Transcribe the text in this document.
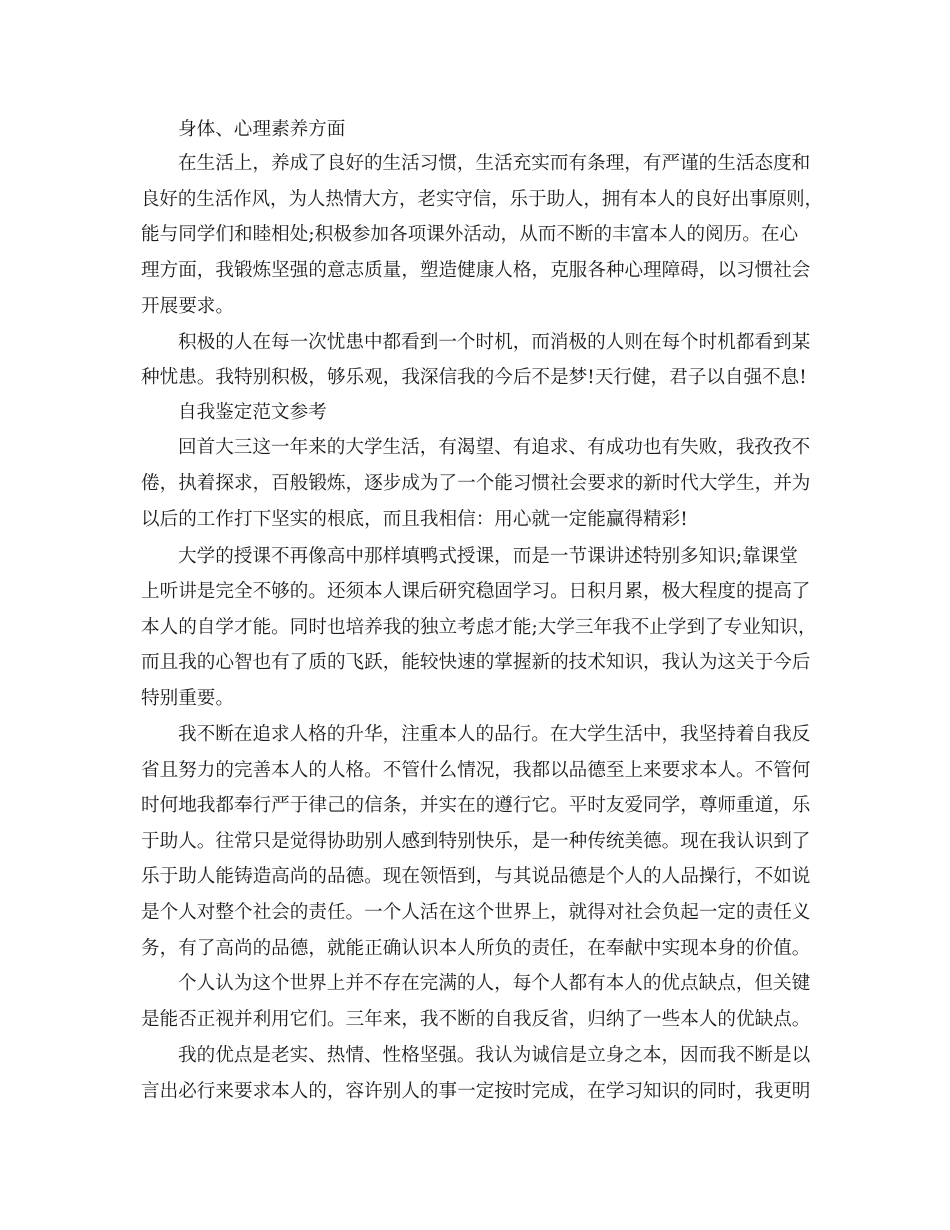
身体、心理素养方面
在生活上，养成了良好的生活习惯，生活充实而有条理，有严谨的生活态度和
良好的生活作风，为人热情大方，老实守信，乐于助人，拥有本人的良好出事原则，
能与同学们和睦相处;积极参加各项课外活动，从而不断的丰富本人的阅历。在心
理方面，我锻炼坚强的意志质量，塑造健康人格，克服各种心理障碍，以习惯社会
开展要求。
积极的人在每一次忧患中都看到一个时机，而消极的人则在每个时机都看到某
种忧患。我特别积极，够乐观，我深信我的今后不是梦!天行健，君子以自强不息!
自我鉴定范文参考
回首大三这一年来的大学生活，有渴望、有追求、有成功也有失败，我孜孜不
倦，执着探求，百般锻炼，逐步成为了一个能习惯社会要求的新时代大学生，并为
以后的工作打下坚实的根底，而且我相信：用心就一定能赢得精彩!
大学的授课不再像高中那样填鸭式授课，而是一节课讲述特别多知识;靠课堂
上听讲是完全不够的。还须本人课后研究稳固学习。日积月累，极大程度的提高了
本人的自学才能。同时也培养我的独立考虑才能;大学三年我不止学到了专业知识，
而且我的心智也有了质的飞跃，能较快速的掌握新的技术知识，我认为这关于今后
特别重要。
我不断在追求人格的升华，注重本人的品行。在大学生活中，我坚持着自我反
省且努力的完善本人的人格。不管什么情况，我都以品德至上来要求本人。不管何
时何地我都奉行严于律己的信条，并实在的遵行它。平时友爱同学，尊师重道，乐
于助人。往常只是觉得协助别人感到特别快乐，是一种传统美德。现在我认识到了
乐于助人能铸造高尚的品德。现在领悟到，与其说品德是个人的人品操行，不如说
是个人对整个社会的责任。一个人活在这个世界上，就得对社会负起一定的责任义
务，有了高尚的品德，就能正确认识本人所负的责任，在奉献中实现本身的价值。
个人认为这个世界上并不存在完满的人，每个人都有本人的优点缺点，但关键
是能否正视并利用它们。三年来，我不断的自我反省，归纳了一些本人的优缺点。
我的优点是老实、热情、性格坚强。我认为诚信是立身之本，因而我不断是以
言出必行来要求本人的，容许别人的事一定按时完成，在学习知识的同时，我更明
